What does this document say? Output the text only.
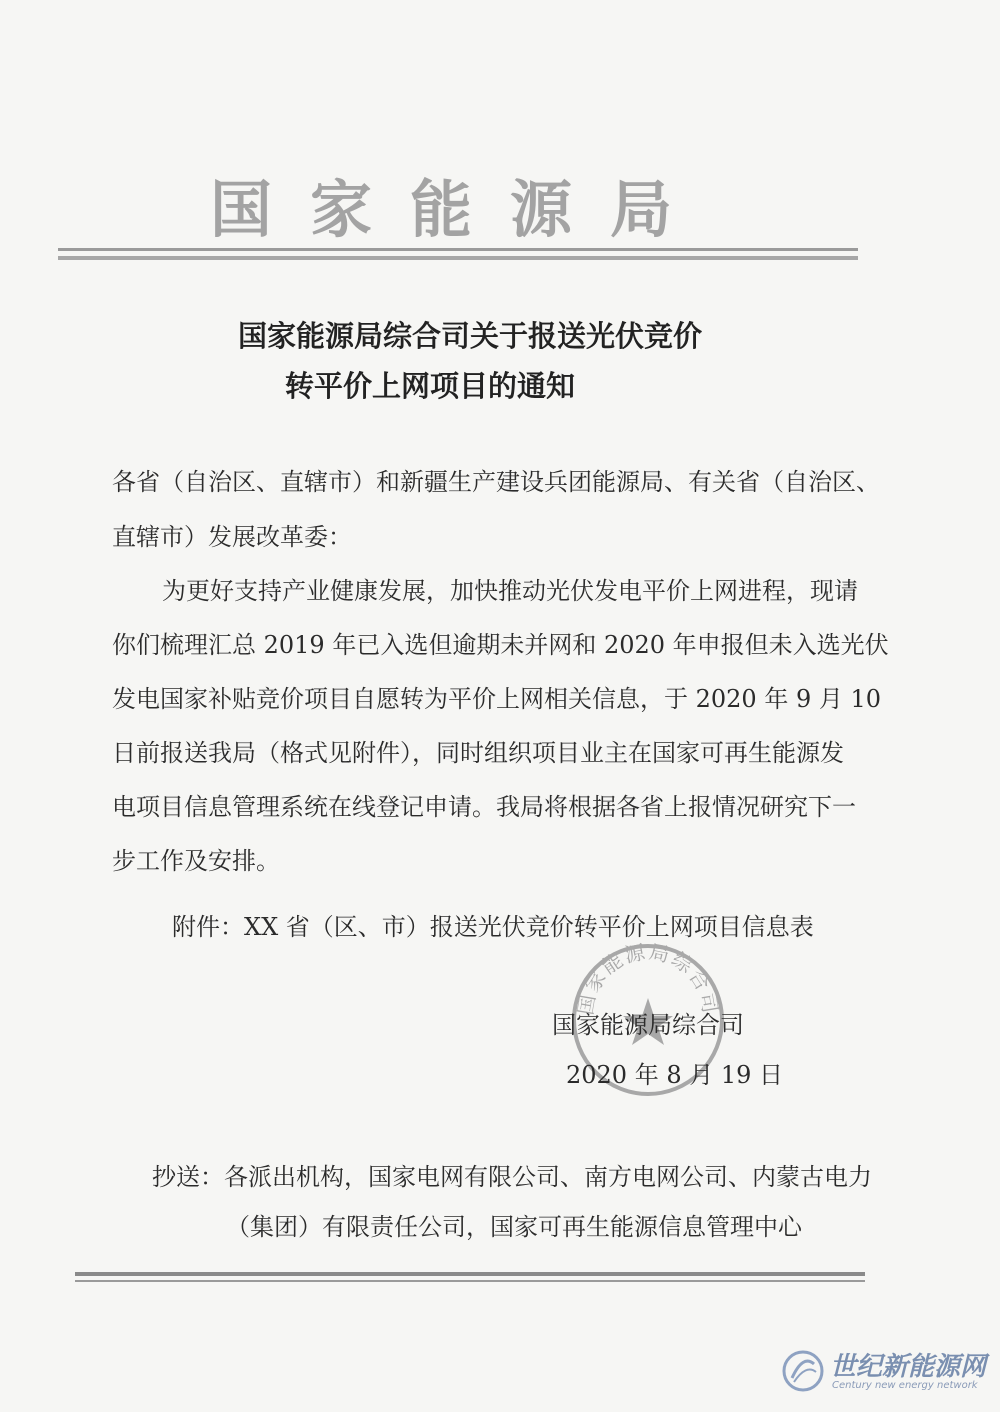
国家能源局
国家能源局综合司关于报送光伏竞价
转平价上网项目的通知
各省（自治区、直辖市）和新疆生产建设兵团能源局、有关省（自治区、
直辖市）发展改革委：
为更好支持产业健康发展，加快推动光伏发电平价上网进程，现请
你们梳理汇总 2019 年已入选但逾期未并网和 2020 年申报但未入选光伏
发电国家补贴竞价项目自愿转为平价上网相关信息，于 2020 年 9 月 10
日前报送我局（格式见附件），同时组织项目业主在国家可再生能源发
电项目信息管理系统在线登记申请。我局将根据各省上报情况研究下一
步工作及安排。
附件：XX 省（区、市）报送光伏竞价转平价上网项目信息表
国家能源局综合司
国家能源局综合司
2020 年 8 月 19 日
抄送：各派出机构，国家电网有限公司、南方电网公司、内蒙古电力
（集团）有限责任公司，国家可再生能源信息管理中心
世纪新能源网
Century new energy network
